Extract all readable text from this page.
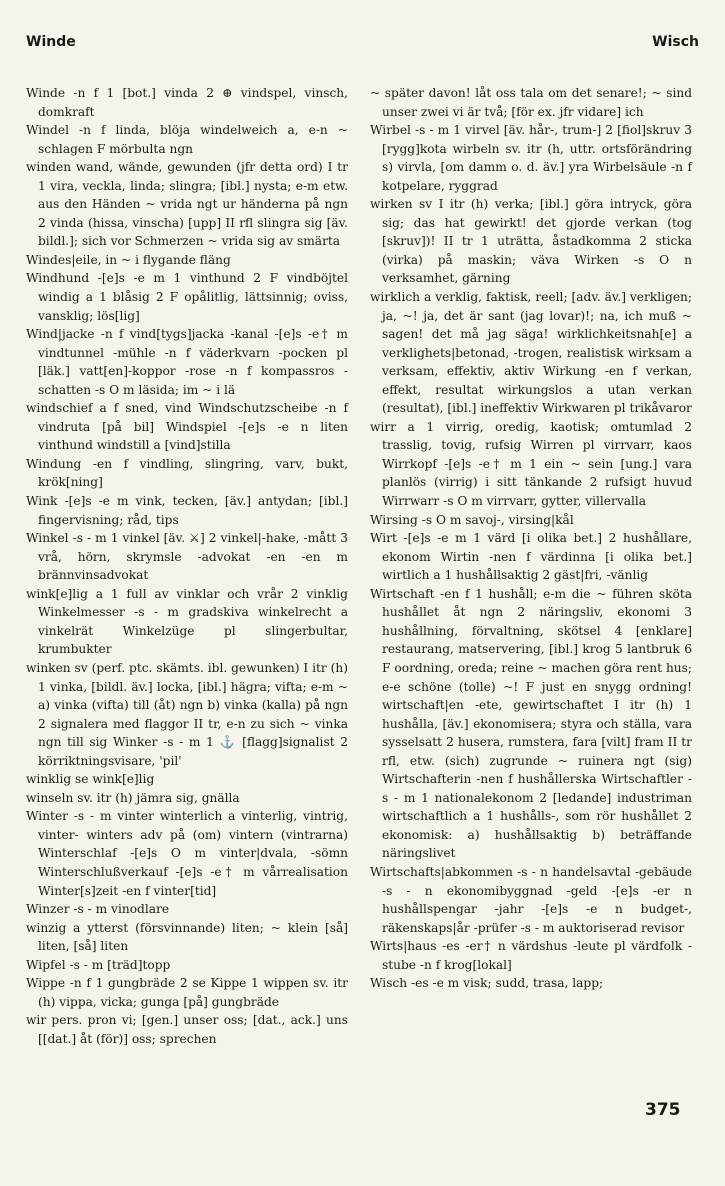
Winde	Wisch

Winde -n f 1 [bot.] vinda 2 ⊕ vindspel, vinsch, domkraft

Windel -n f linda, blöja windelweich a, e-n ~ schlagen F mörbulta ngn

winden wand, wände, gewunden (jfr detta ord) I tr 1 vira, veckla, linda; slingra; [ibl.] nysta; e-m etw. aus den Händen ~ vrida ngt ur händerna på ngn 2 vinda (hissa, vinscha) [upp] II rfl slingra sig [äv. bildl.]; sich vor Schmerzen ~ vrida sig av smärta

Windes|eile, in ~ i flygande fläng

Windhund -[e]s -e m 1 vinthund 2 F vindböjtel windig a 1 blåsig 2 F opålitlig, lättsinnig; oviss, vansklig; lös[lig]

Wind|jacke -n f vind[tygs]jacka -kanal -[e]s -e† m vindtunnel -mühle -n f väderkvarn -pocken pl [läk.] vatt[en]-koppor -rose -n f kompassros -schatten -s O m läsida; im ~ i lä

windschief a f sned, vind Windschutzscheibe -n f vindruta [på bil] Windspiel -[e]s -e n liten vinthund windstill a [vind]stilla

Windung -en f vindling, slingring, varv, bukt, krök[ning]

Wink -[e]s -e m vink, tecken, [äv.] antydan; [ibl.] fingervisning; råd, tips

Winkel -s - m 1 vinkel [äv. ⚔] 2 vinkel|-hake, -mått 3 vrå, hörn, skrymsle -advokat -en -en m brännvinsadvokat

wink[e]lig a 1 full av vinklar och vrår 2 vinklig Winkelmesser -s - m gradskiva winkelrecht a vinkelrät Winkelzüge pl slingerbultar, krumbukter

winken sv (perf. ptc. skämts. ibl. gewunken) I itr (h) 1 vinka, [bildl. äv.] locka, [ibl.] hägra; vifta; e-m ~ a) vinka (vifta) till (åt) ngn b) vinka (kalla) på ngn 2 signalera med flaggor II tr, e-n zu sich ~ vinka ngn till sig Winker -s - m 1 ⚓ [flagg]signalist 2 körriktningsvisare, 'pil'

winklig se wink[e]lig

winseln sv. itr (h) jämra sig, gnälla

Winter -s - m vinter winterlich a vinterlig, vintrig, vinter- winters adv på (om) vintern (vintrarna) Winterschlaf -[e]s O m vinter|dvala, -sömn Winterschlußverkauf -[e]s -e† m vårrealisation Winter[s]zeit -en f vinter[tid]

Winzer -s - m vinodlare

winzig a ytterst (försvinnande) liten; ~ klein [så] liten, [så] liten

Wipfel -s - m [träd]topp

Wippe -n f 1 gungbräde 2 se Kippe 1 wippen sv. itr (h) vippa, vicka; gunga [på] gungbräde

wir pers. pron vi; [gen.] unser oss; [dat., ack.] uns [[dat.] åt (för)] oss; sprechen

~ später davon! låt oss tala om det senare!; ~ sind unser zwei vi är två; [för ex. jfr vidare] ich

Wirbel -s - m 1 virvel [äv. hår-, trum-] 2 [fiol]skruv 3 [rygg]kota wirbeln sv. itr (h, uttr. ortsförändring s) virvla, [om damm o. d. äv.] yra Wirbelsäule -n f kotpelare, ryggrad

wirken sv I itr (h) verka; [ibl.] göra intryck, göra sig; das hat gewirkt! det gjorde verkan (tog [skruv])! II tr 1 uträtta, åstadkomma 2 sticka (virka) på maskin; väva Wirken -s O n verksamhet, gärning

wirklich a verklig, faktisk, reell; [adv. äv.] verkligen; ja, ~! ja, det är sant (jag lovar)!; na, ich muß ~ sagen! det må jag säga! wirklichkeitsnah[e] a verklighets|betonad, -trogen, realistisk wirksam a verksam, effektiv, aktiv Wirkung -en f verkan, effekt, resultat wirkungslos a utan verkan (resultat), [ibl.] ineffektiv Wirkwaren pl trikåvaror

wirr a 1 virrig, oredig, kaotisk; omtumlad 2 trasslig, tovig, rufsig Wirren pl virrvarr, kaos Wirrkopf -[e]s -e† m 1 ein ~ sein [ung.] vara planlös (virrig) i sitt tänkande 2 rufsigt huvud Wirrwarr -s O m virrvarr, gytter, villervalla

Wirsing -s O m savoj-, virsing|kål

Wirt -[e]s -e m 1 värd [i olika bet.] 2 hushållare, ekonom Wirtin -nen f värdinna [i olika bet.] wirtlich a 1 hushållsaktig 2 gäst|fri, -vänlig

Wirtschaft -en f 1 hushåll; e-m die ~ führen sköta hushållet åt ngn 2 näringsliv, ekonomi 3 hushållning, förvaltning, skötsel 4 [enklare] restaurang, matservering, [ibl.] krog 5 lantbruk 6 F oordning, oreda; reine ~ machen göra rent hus; e-e schöne (tolle) ~! F just en snygg ordning! wirtschaft|en -ete, gewirtschaftet I itr (h) 1 hushålla, [äv.] ekonomisera; styra och ställa, vara sysselsatt 2 husera, rumstera, fara [vilt] fram II tr rfl, etw. (sich) zugrunde ~ ruinera ngt (sig) Wirtschafterin -nen f hushållerska Wirtschaftler -s - m 1 nationalekonom 2 [ledande] industriman wirtschaftlich a 1 hushålls-, som rör hushållet 2 ekonomisk: a) hushållsaktig b) beträffande näringslivet

Wirtschafts|abkommen -s - n handelsavtal -gebäude -s - n ekonomibyggnad -geld -[e]s -er n hushållspengar -jahr -[e]s -e n budget-, räkenskaps|år -prüfer -s - m auktoriserad revisor

Wirts|haus -es -er† n värdshus -leute pl värdfolk -stube -n f krog[lokal]

Wisch -es -e m visk; sudd, trasa, lapp;

375
